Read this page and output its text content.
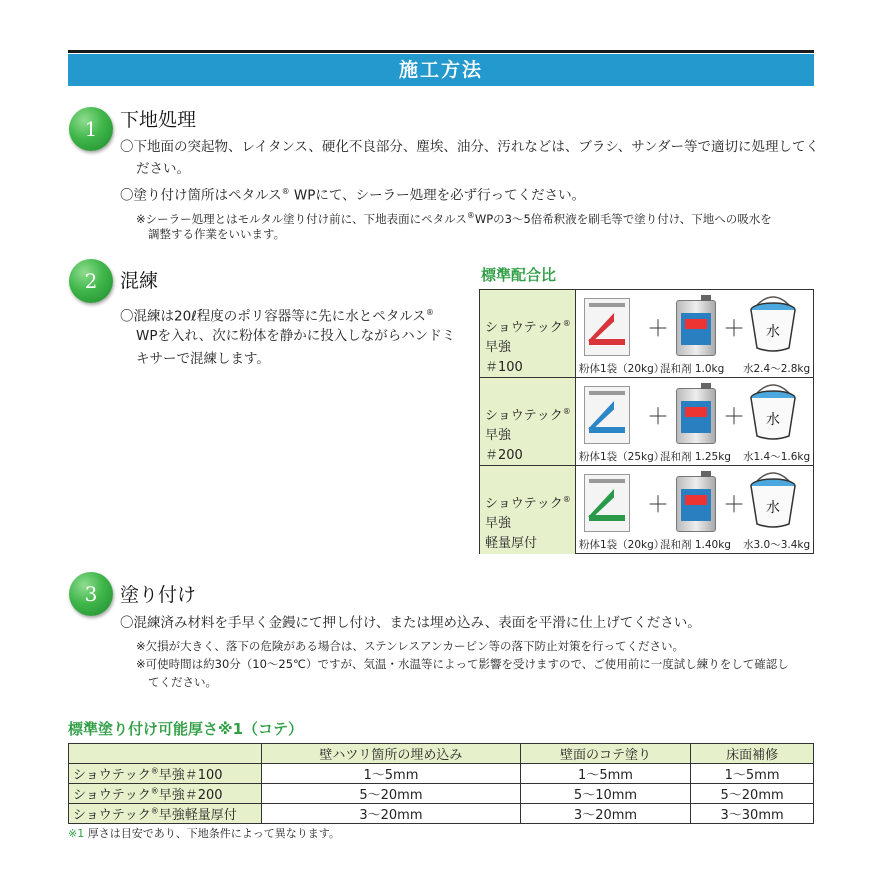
施工方法
1	下地処理
〇下地面の突起物、レイタンス、硬化不良部分、塵埃、油分、汚れなどは、ブラシ、サンダー等で適切に処理してく
ださい。
〇塗り付け箇所はペタルス® WPにて、シーラー処理を必ず行ってください。
※シーラー処理とはモルタル塗り付け前に、下地表面にペタルス®WPの3～5倍希釈液を刷毛等で塗り付け、下地への吸水を
調整する作業をいいます。
2	混練
〇混練は20ℓ程度のポリ容器等に先に水とペタルス®
WPを入れ、次に粉体を静かに投入しながらハンドミ
キサーで混練します。
標準配合比
ショウテック®早強
＃100
＋ ＋ 水
粉体1袋（20kg）
混和剤 1.0kg 水2.4～2.8kg
ショウテック®早強
＃200
＋ ＋ 水
粉体1袋（25kg）
混和剤 1.25kg 水1.4～1.6kg
ショウテック®早強
軽量厚付
＋ ＋ 水
粉体1袋（20kg）
混和剤 1.40kg 水3.0～3.4kg
3	塗り付け
〇混練済み材料を手早く金鏝にて押し付け、または埋め込み、表面を平滑に仕上げてください。
※欠損が大きく、落下の危険がある場合は、ステンレスアンカーピン等の落下防止対策を行ってください。
※可使時間は約30分（10～25℃）ですが、気温・水温等によって影響を受けますので、ご使用前に一度試し練りをして確認し
てください。
標準塗り付け可能厚さ※1（コテ）
	壁ハツリ箇所の埋め込み	壁面のコテ塗り	床面補修
ショウテック®早強＃100	1～5mm	1～5mm	1～5mm
ショウテック®早強＃200	5～20mm	5～10mm	5～20mm
ショウテック®早強軽量厚付	3～20mm	3～20mm	3～30mm
※1 厚さは目安であり、下地条件によって異なります。
